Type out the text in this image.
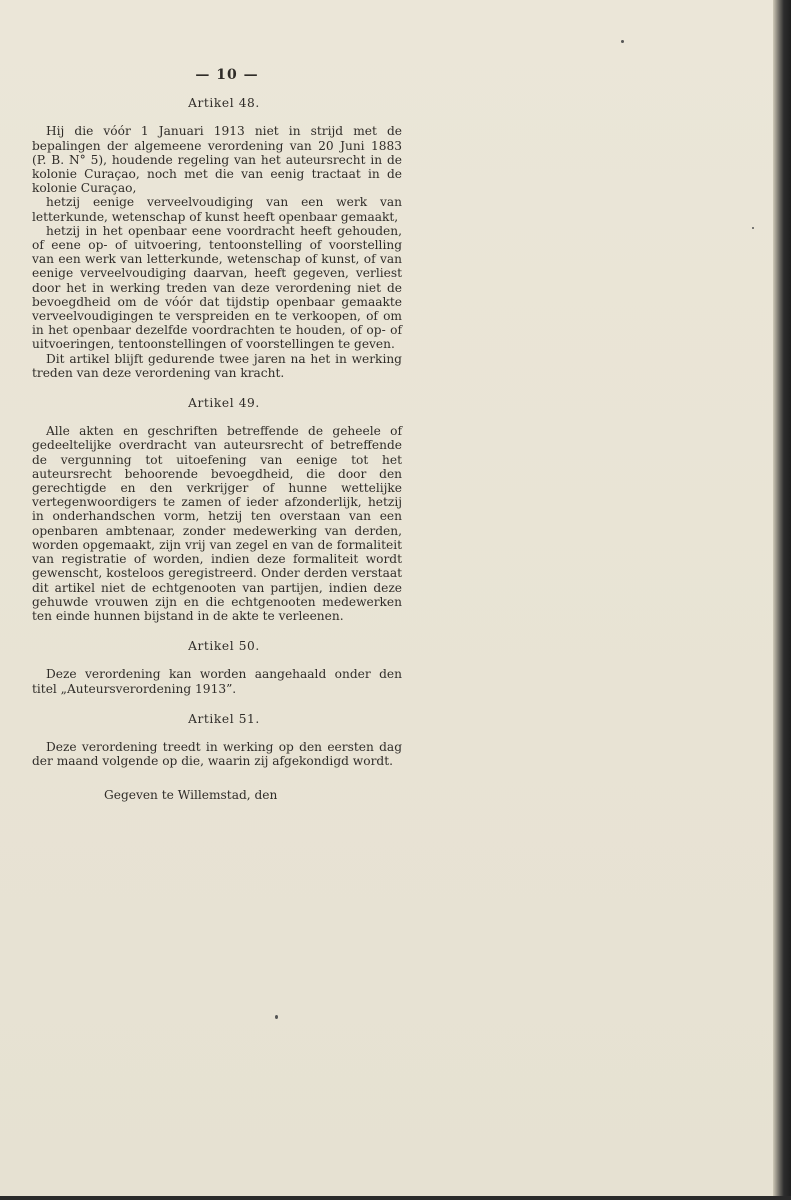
— 10 —
Artikel 48.

Hij die vóór 1 Januari 1913 niet in strijd met de bepalingen der algemeene verordening van 20 Juni 1883 (P. B. N° 5), houdende regeling van het auteursrecht in de kolonie Curaçao, noch met die van eenig tractaat in de kolonie Curaçao,

hetzij eenige verveelvoudiging van een werk van letterkunde, wetenschap of kunst heeft openbaar gemaakt,

hetzij in het openbaar eene voordracht heeft gehouden, of eene op- of uitvoering, tentoonstelling of voorstelling van een werk van letterkunde, wetenschap of kunst, of van eenige verveelvoudiging daarvan, heeft gegeven, verliest door het in werking treden van deze verordening niet de bevoegdheid om de vóór dat tijdstip openbaar gemaakte verveelvoudigingen te verspreiden en te verkoopen, of om in het openbaar dezelfde voordrachten te houden, of op- of uitvoeringen, tentoonstellingen of voorstellingen te geven.

Dit artikel blijft gedurende twee jaren na het in werking treden van deze verordening van kracht.

Artikel 49.

Alle akten en geschriften betreffende de geheele of gedeeltelijke overdracht van auteursrecht of betreffende de vergunning tot uitoefening van eenige tot het auteursrecht behoorende bevoegdheid, die door den gerechtigde en den verkrijger of hunne wettelijke vertegenwoordigers te zamen of ieder afzonderlijk, hetzij in onderhandschen vorm, hetzij ten overstaan van een openbaren ambtenaar, zonder medewerking van derden, worden opgemaakt, zijn vrij van zegel en van de formaliteit van registratie of worden, indien deze formaliteit wordt gewenscht, kosteloos geregistreerd. Onder derden verstaat dit artikel niet de echtgenooten van partijen, indien deze gehuwde vrouwen zijn en die echtgenooten medewerken ten einde hunnen bijstand in de akte te verleenen.

Artikel 50.

Deze verordening kan worden aangehaald onder den titel „Auteursverordening 1913”.

Artikel 51.

Deze verordening treedt in werking op den eersten dag der maand volgende op die, waarin zij afgekondigd wordt.

Gegeven te Willemstad, den
